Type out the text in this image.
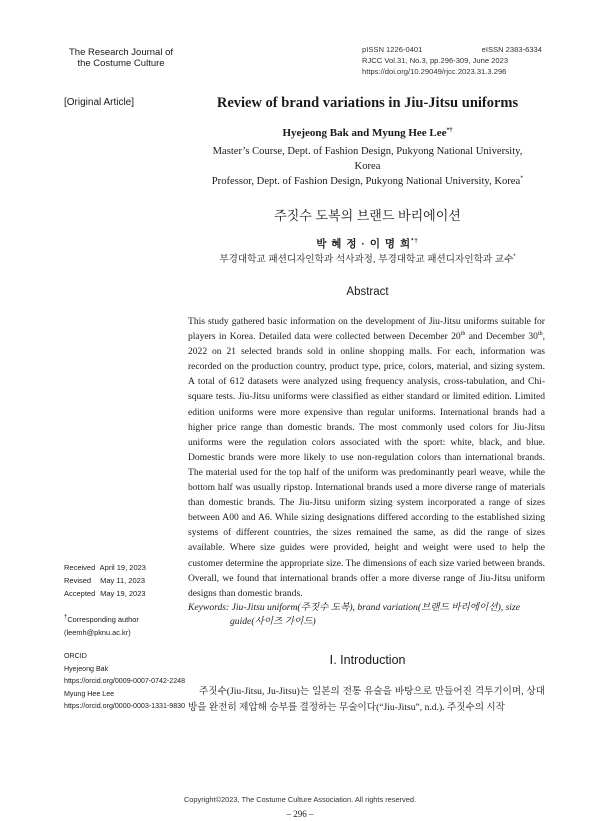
The Research Journal of
the Costume Culture
pISSN 1226-0401	eISSN 2383-6334
RJCC Vol.31, No.3, pp.296-309, June 2023
https://doi.org/10.29049/rjcc.2023.31.3.296
[Original Article]	Review of brand variations in Jiu-Jitsu uniforms
Hyejeong Bak and Myung Hee Lee*†
Master’s Course, Dept. of Fashion Design, Pukyong National University,
Korea
Professor, Dept. of Fashion Design, Pukyong National University, Korea*
주짓수 도복의 브랜드 바리에이션
박 혜 정 · 이 명 희*†
부경대학교 패션디자인학과 석사과정, 부경대학교 패션디자인학과 교수*
Abstract

This study gathered basic information on the development of Jiu-Jitsu uniforms suitable for players in Korea. Detailed data were collected between December 20th and December 30th, 2022 on 21 selected brands sold in online shopping malls. For each, information was recorded on the production country, product type, price, colors, material, and sizing system. A total of 612 datasets were analyzed using frequency analysis, cross-tabulation, and Chi-square tests. Jiu-Jitsu uniforms were classified as either standard or limited edition. Limited edition uniforms were more expensive than regular uniforms. International brands had a higher price range than domestic brands. The most commonly used colors for Jiu-Jitsu uniforms were the regulation colors associated with the sport: white, black, and blue. Domestic brands were more likely to use non-regulation colors than international brands. The material used for the top half of the uniform was predominantly pearl weave, while the bottom half was usually ripstop. International brands used a more diverse range of materials than domestic brands. The Jiu-Jitsu uniform sizing system incorporated a range of sizes between A00 and A6. While sizing designations differed according to the established sizing systems of different countries, the sizes remained the same, as did the range of sizes available. Where size guides were provided, height and weight were used to help the customer determine the appropriate size. The dimensions of each size varied between brands. Overall, we found that international brands offer a more diverse range of Jiu-Jitsu uniform designs than domestic brands.

Keywords: Jiu-Jitsu uniform(주짓수 도복), brand variation(브랜드 바리에이션), size
guide(사이즈 가이드)
Received April 19, 2023
Revised May 11, 2023
Accepted May 19, 2023
†Corresponding author
(leemh@pknu.ac.kr)
ORCID
Hyejeong Bak
https://orcid.org/0009-0007-0742-2248
Myung Hee Lee
https://orcid.org/0000-0003-1331-9830
Ⅰ. Introduction

주짓수(Jiu-Jitsu, Ju-Jitsu)는 일본의 전통 유술을 바탕으로 만들어진 격투기이며, 상대방을 완전히 제압해 승부를 결정하는 무술이다(“Jiu-Jitsu”, n.d.). 주짓수의 시작

Copyright©2023, The Costume Culture Association. All rights reserved.
– 296 –
